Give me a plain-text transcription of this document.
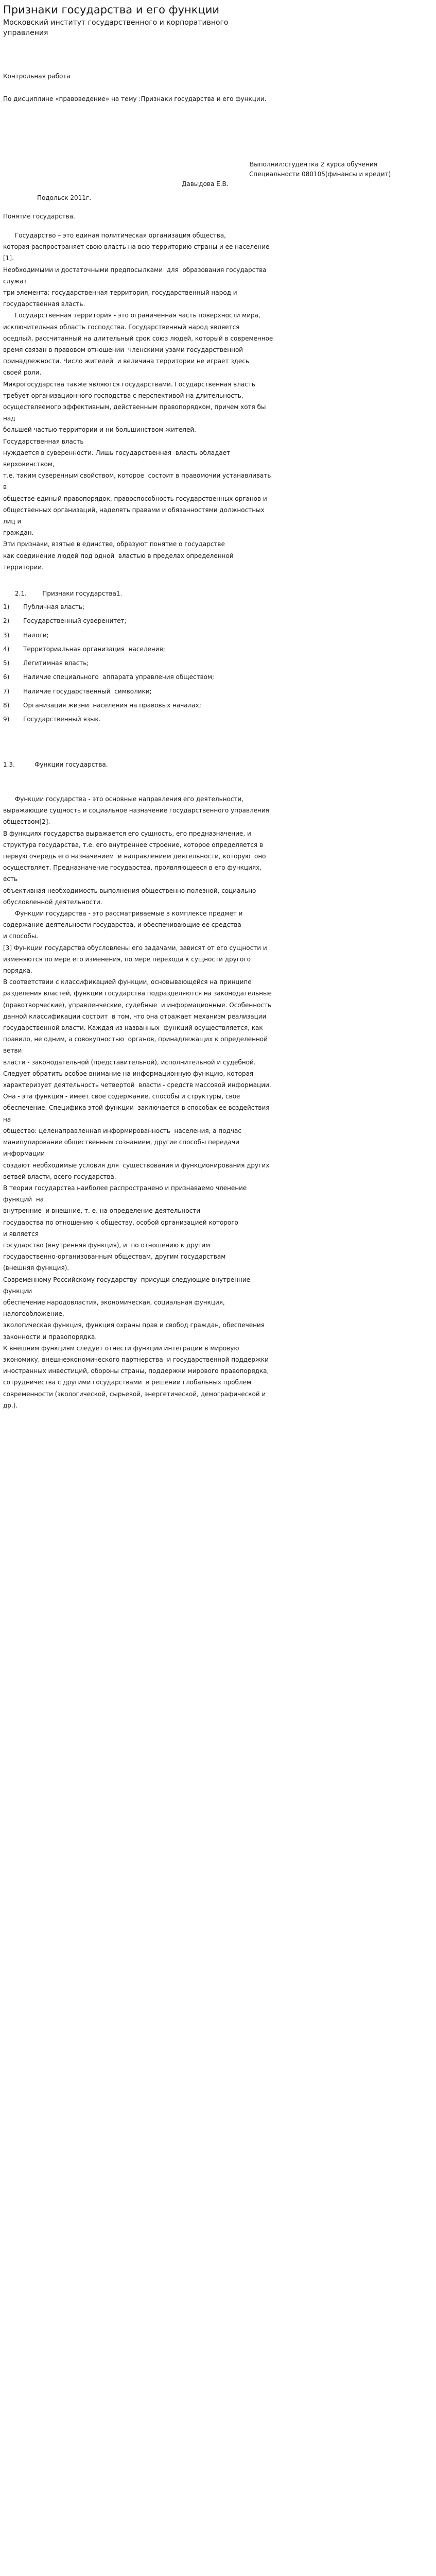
Признаки государства и его функции
Московский институт государственного и корпоративного управления
Контрольная работа
По дисциплине «правоведение» на тему :Признаки государства и его функции.
Выполнил:студентка 2 курса обучения
Специальности 080105(финансы и кредит)
Давыдова Е.В.
Подольск 2011г.
Понятие государства.

Государство – это единая политическая организация общества,

которая распространяет свою власть на всю территорию страны и ее население

[1].

Необходимыми и достаточными предпосылками  для  образования государства

служат

три элемента: государственная территория, государственный народ и

государственная власть.

Государственная территория - это ограниченная часть поверхности мира,

исключительная область господства. Государственный народ является

оседлый, рассчитанный на длительный срок союз людей, который в современное

время связан в правовом отношении  членскими узами государственной

принадлежности. Число жителей  и величина территории не играет здесь

своей роли.

Микрогосударства также являются государствами. Государственная власть

требует организационного господства с перспективой на длительность,

осуществляемого эффективным, действенным правопорядком, причем хотя бы

над

большей частью территории и ни большинством жителей.

Государственная власть

нуждается в суверенности. Лишь государственная  власть обладает

верховенством,

т.е. таким суверенным свойством, которое  состоит в правомочии устанавливать

в

обществе единый правопорядок, правоспособность государственных органов и

общественных организаций, наделять правами и обязанностями должностных

лиц и

граждан.

Эти признаки, взятые в единстве, образуют понятие о государстве

как соединение людей под одной  властью в пределах определенной

территории.

2.1.        Признаки государства1.
1)       Публичная власть;
2)       Государственный суверенитет;
3)       Налоги;
4)       Территориальная организация  населения;
5)       Легитимная власть;
6)       Наличие специального  аппарата управления обществом;
7)       Наличие государственный  символики;
8)       Организация жизни  населения на правовых началах;
9)       Государственный язык.
1.3.          Функции государства.

Функции государства - это основные направления его деятельности,

выражающие сущность и социальное назначение государственного управления

обществом[2].

В функциях государства выражается его сущность, его предназначение, и

структура государства, т.е. его внутреннее строение, которое определяется в

первую очередь его назначением  и направлением деятельности, которую  оно

осуществляет. Предназначение государства, проявляющееся в его функциях,

есть

объективная необходимость выполнения общественно полезной, социально

обусловленной деятельности.

Функции государства - это рассматриваемые в комплексе предмет и

содержание деятельности государства, и обеспечивающие ее средства

и способы.

[3] Функции государства обусловлены его задачами, зависят от его сущности и

изменяются по мере его изменения, по мере перехода к сущности другого

порядка.

В соответствии с классификацией функции, основывающейся на принципе

разделения властей, функции государства подразделяются на законодательные

(правотворческие), управленческие, судебные  и информационные. Особенность

данной классификации состоит  в том, что она отражает механизм реализации

государственной власти. Каждая из названных  функций осуществляется, как

правило, не одним, а совокупностью  органов, принадлежащих к определенной

ветви

власти - законодательной (представительной), исполнительной и судебной.

Следует обратить особое внимание на информационную функцию, которая

характеризует деятельность четвертой  власти - средств массовой информации.

Она - эта функция - имеет свое содержание, способы и структуры, свое

обеспечение. Специфика этой функции  заключается в способах ее воздействия

на

общество: целенаправленная информированность  населения, а подчас

манипулирование общественным сознанием, другие способы передачи

информации

создают необходимые условия для  существования и функционирования других

ветвей власти, всего государства.

В теории государства наиболее распространено и признаваемо членение

функций  на

внутренние  и внешние, т. е. на определение деятельности

государства по отношению к обществу, особой организацией которого

и является

государство (внутренняя функция), и  по отношению к другим

государственно-организованным обществам, другим государствам

(внешняя функция).

Современному Российскому государству  присущи следующие внутренние

функции

обеспечение народовластия, экономическая, социальная функция,

налогообложение,

экологическая функция, функция охраны прав и свобод граждан, обеспечения

законности и правопорядка.

К внешним функциям следует отнести функции интеграции в мировую

экономику, внешнеэкономического партнерства  и государственной поддержки

иностранных инвестиций, обороны страны, поддержки мирового правопорядка,

сотрудничества с другими государствами  в решении глобальных проблем

современности (экологической, сырьевой, энергетической, демографической и

др.).
